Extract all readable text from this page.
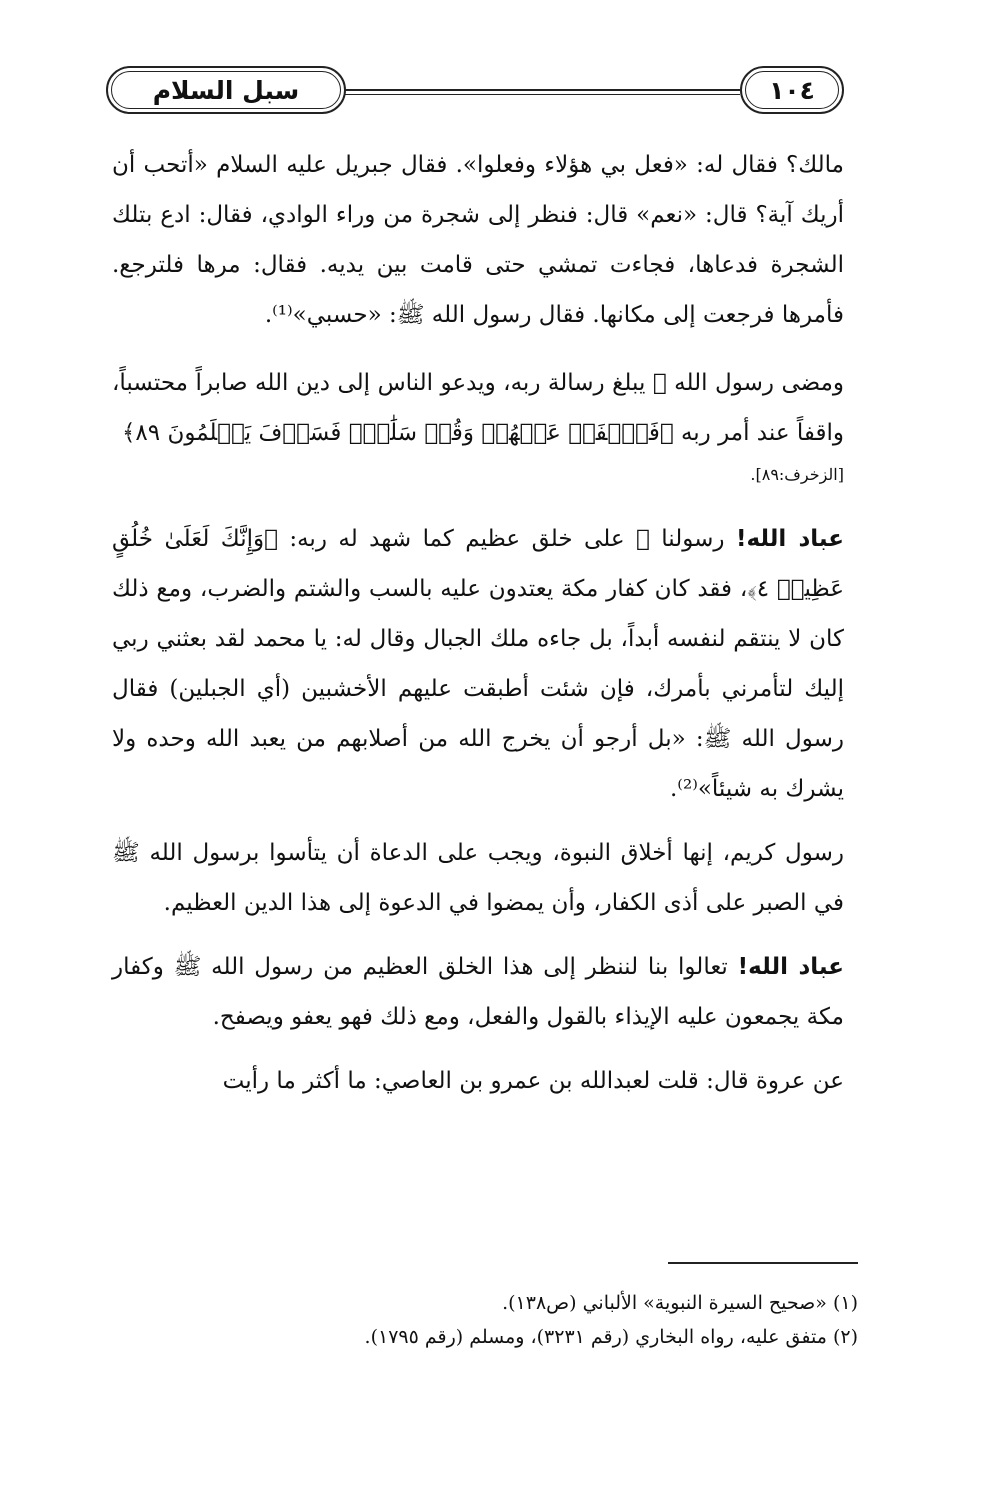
سبل السلام	١٠٤

مالك؟ فقال له: «فعل بي هؤلاء وفعلوا». فقال جبريل عليه السلام «أتحب أن أريك آية؟ قال: «نعم» قال: فنظر إلى شجرة من وراء الوادي، فقال: ادع بتلك الشجرة فدعاها، فجاءت تمشي حتى قامت بين يديه. فقال: مرها فلترجع. فأمرها فرجعت إلى مكانها. فقال رسول الله ﷺ: «حسبي»⁽¹⁾.

ومضى رسول الله ﷺ يبلغ رسالة ربه، ويدعو الناس إلى دين الله صابراً محتسباً، واقفاً عند أمر ربه ﴿فَٱصۡفَحۡ عَنۡهُمۡ وَقُلۡ سَلَٰمٞۚ فَسَوۡفَ يَعۡلَمُونَ ٨٩﴾

[الزخرف:٨٩].

عباد الله! رسولنا ﷺ على خلق عظيم كما شهد له ربه: ﴿وَإِنَّكَ لَعَلَىٰ خُلُقٍ عَظِيمٖ ٤﴾، فقد كان كفار مكة يعتدون عليه بالسب والشتم والضرب، ومع ذلك كان لا ينتقم لنفسه أبداً، بل جاءه ملك الجبال وقال له: يا محمد لقد بعثني ربي إليك لتأمرني بأمرك، فإن شئت أطبقت عليهم الأخشبين (أي الجبلين) فقال رسول الله ﷺ: «بل أرجو أن يخرج الله من أصلابهم من يعبد الله وحده ولا يشرك به شيئاً»⁽²⁾.

رسول كريم، إنها أخلاق النبوة، ويجب على الدعاة أن يتأسوا برسول الله ﷺ في الصبر على أذى الكفار، وأن يمضوا في الدعوة إلى هذا الدين العظيم.

عباد الله! تعالوا بنا لننظر إلى هذا الخلق العظيم من رسول الله ﷺ وكفار مكة يجمعون عليه الإيذاء بالقول والفعل، ومع ذلك فهو يعفو ويصفح.

عن عروة قال: قلت لعبدالله بن عمرو بن العاصي: ما أكثر ما رأيت

(١) «صحيح السيرة النبوية» الألباني (ص١٣٨).
(٢) متفق عليه، رواه البخاري (رقم ٣٢٣١)، ومسلم (رقم ١٧٩٥).
